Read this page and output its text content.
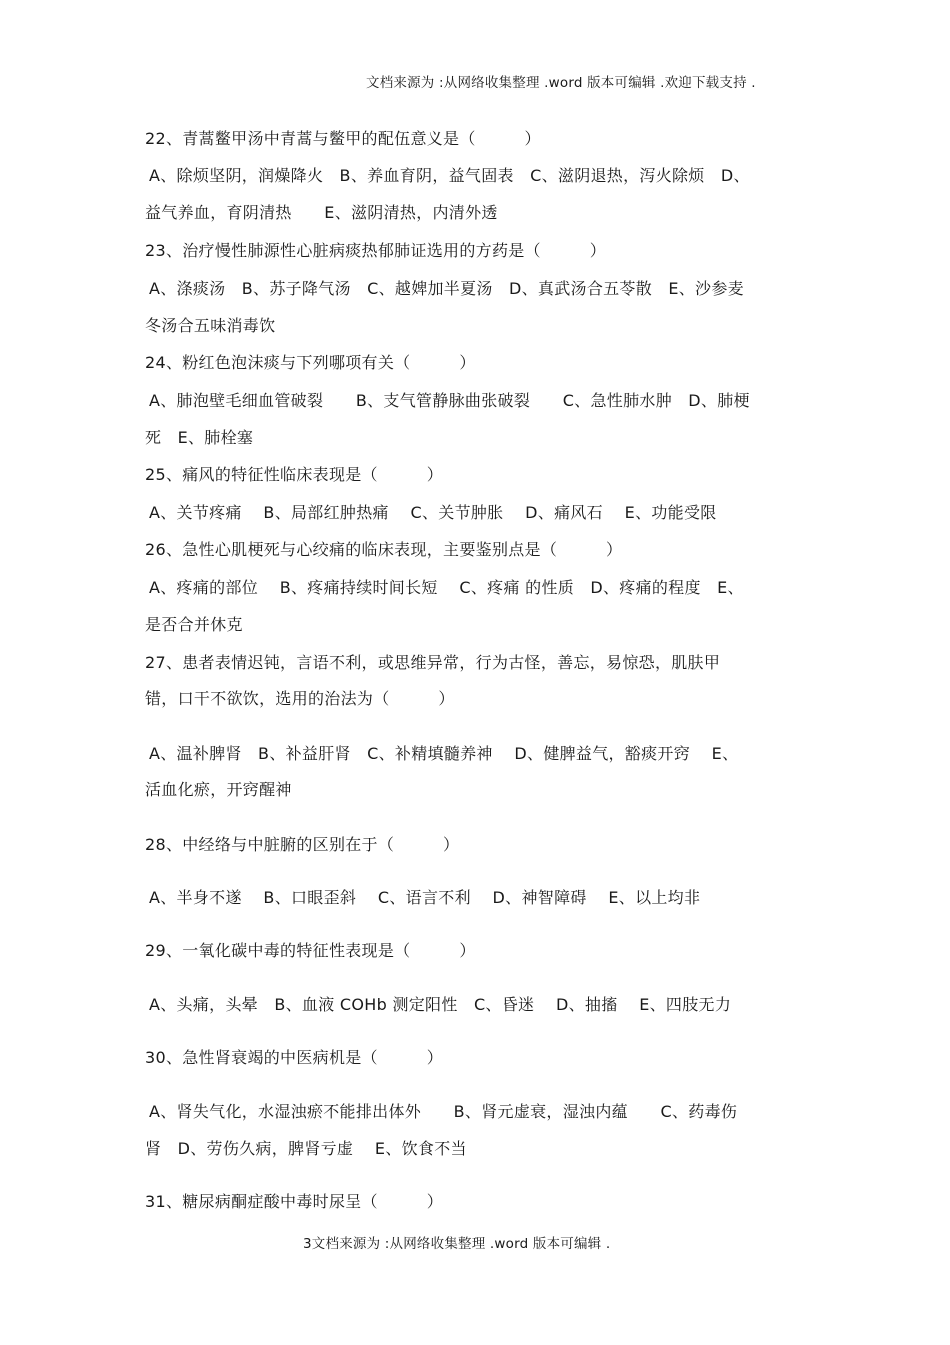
文档来源为 :从网络收集整理 .word 版本可编辑 .欢迎下载支持 .
22、青蒿鳖甲汤中青蒿与鳖甲的配伍意义是（　　　）
A、除烦坚阴，润燥降火　B、养血育阴，益气固表　C、滋阴退热，泻火除烦　D、
益气养血，育阴清热　　E、滋阴清热，内清外透
23、治疗慢性肺源性心脏病痰热郁肺证选用的方药是（　　　）
A、涤痰汤　B、苏子降气汤　C、越婢加半夏汤　D、真武汤合五苓散　E、沙参麦
冬汤合五味消毒饮
24、粉红色泡沫痰与下列哪项有关（　　　）
A、肺泡壁毛细血管破裂　　B、支气管静脉曲张破裂　　C、急性肺水肿　D、肺梗
死　E、肺栓塞
25、痛风的特征性临床表现是（　　　）
A、关节疼痛　 B、局部红肿热痛　 C、关节肿胀　 D、痛风石　 E、功能受限
26、急性心肌梗死与心绞痛的临床表现，主要鉴别点是（　　　）
A、疼痛的部位　 B、疼痛持续时间长短　 C、疼痛 的性质　D、疼痛的程度　E、
是否合并休克
27、患者表情迟钝，言语不利，或思维异常，行为古怪，善忘，易惊恐，肌肤甲
错，口干不欲饮，选用的治法为（　　　）
A、温补脾肾　B、补益肝肾　C、补精填髓养神　 D、健脾益气，豁痰开窍　 E、
活血化瘀，开窍醒神
28、中经络与中脏腑的区别在于（　　　）
A、半身不遂　 B、口眼歪斜　 C、语言不利　 D、神智障碍　 E、以上均非
29、一氧化碳中毒的特征性表现是（　　　）
A、头痛，头晕　B、血液 COHb 测定阳性　C、昏迷　 D、抽搐　 E、四肢无力
30、急性肾衰竭的中医病机是（　　　）
A、肾失气化，水湿浊瘀不能排出体外　　B、肾元虚衰，湿浊内蕴　　C、药毒伤
肾　D、劳伤久病，脾肾亏虚　 E、饮食不当
31、糖尿病酮症酸中毒时尿呈（　　　）
3文档来源为 :从网络收集整理 .word 版本可编辑 .
